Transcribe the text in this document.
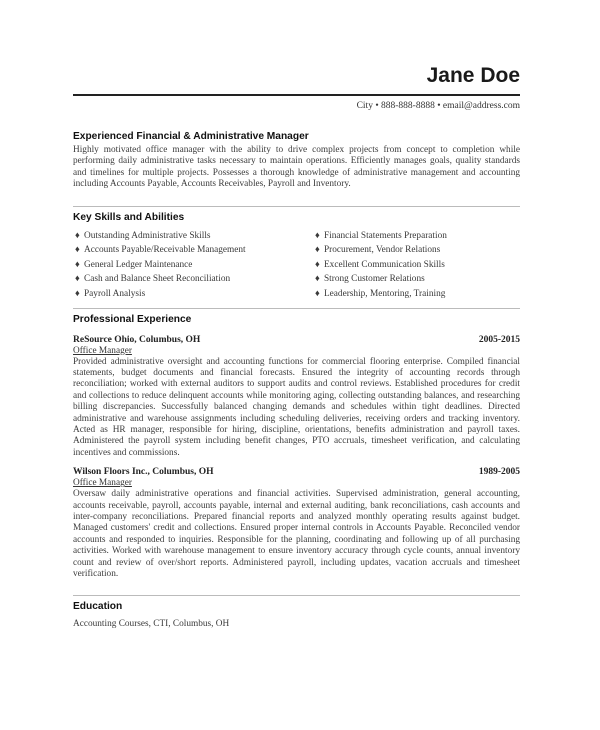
Jane Doe
City • 888-888-8888 • email@address.com
Experienced Financial & Administrative Manager

Highly motivated office manager with the ability to drive complex projects from concept to completion while performing daily administrative tasks necessary to maintain operations. Efficiently manages goals, quality standards and timelines for multiple projects. Possesses a thorough knowledge of administrative management and accounting including Accounts Payable, Accounts Receivables, Payroll and Inventory.

Key Skills and Abilities
♦ Outstanding Administrative Skills
♦ Accounts Payable/Receivable Management
♦ General Ledger Maintenance
♦ Cash and Balance Sheet Reconciliation
♦ Payroll Analysis
♦ Financial Statements Preparation
♦ Procurement, Vendor Relations
♦ Excellent Communication Skills
♦ Strong Customer Relations
♦ Leadership, Mentoring, Training
Professional Experience
ReSource Ohio, Columbus, OH	2005-2015
Office Manager

Provided administrative oversight and accounting functions for commercial flooring enterprise. Compiled financial statements, budget documents and financial forecasts. Ensured the integrity of accounting records through reconciliation; worked with external auditors to support audits and control reviews. Established procedures for credit and collections to reduce delinquent accounts while monitoring aging, collecting outstanding balances, and researching billing discrepancies. Successfully balanced changing demands and schedules within tight deadlines. Directed administrative and warehouse assignments including scheduling deliveries, receiving orders and tracking inventory. Acted as HR manager, responsible for hiring, discipline, orientations, benefits administration and payroll taxes. Administered the payroll system including benefit changes, PTO accruals, timesheet verification, and calculating incentives and commissions.

Wilson Floors Inc., Columbus, OH	1989-2005
Office Manager

Oversaw daily administrative operations and financial activities. Supervised administration, general accounting, accounts receivable, payroll, accounts payable, internal and external auditing, bank reconciliations, cash accounts and inter-company reconciliations. Prepared financial reports and analyzed monthly operating results against budget. Managed customers' credit and collections. Ensured proper internal controls in Accounts Payable. Reconciled vendor accounts and responded to inquiries. Responsible for the planning, coordinating and following up of all purchasing activities. Worked with warehouse management to ensure inventory accuracy through cycle counts, annual inventory count and review of over/short reports. Administered payroll, including updates, vacation accruals and timesheet verification.

Education
Accounting Courses, CTI, Columbus, OH
